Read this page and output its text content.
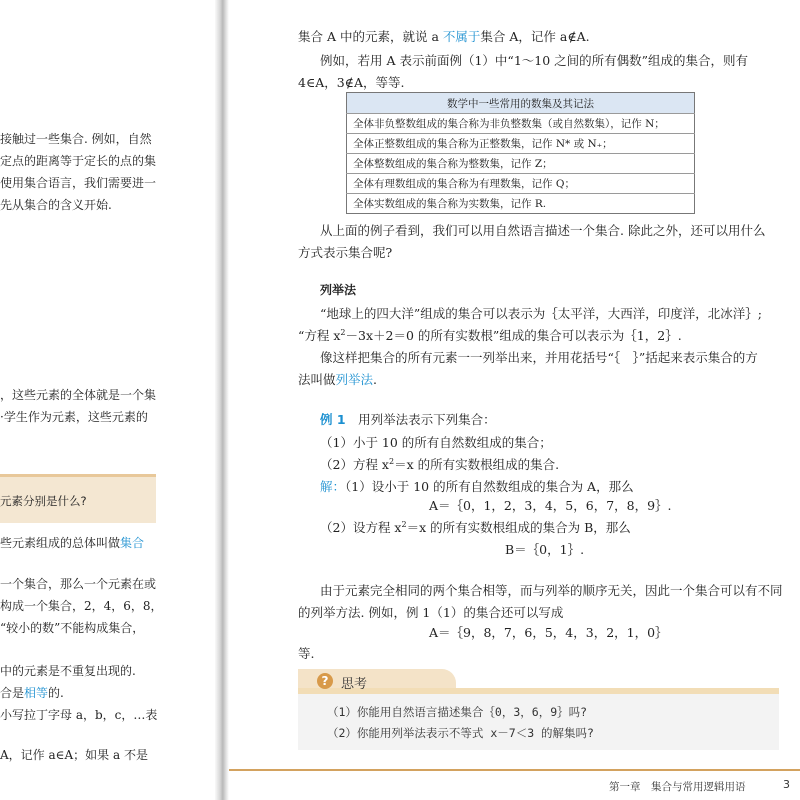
接触过一些集合. 例如，自然
定点的距离等于定长的点的集
使用集合语言，我们需要进一
先从集合的含义开始.
，这些元素的全体就是一个集
·学生作为元素，这些元素的
元素分别是什么?
些元素组成的总体叫做集合
一个集合，那么一个元素在或
构成一个集合，2，4，6，8，
“较小的数”不能构成集合，
中的元素是不重复出现的.
合是相等的.
小写拉丁字母 a，b，c，…表
A，记作 a∈A；如果 a 不是
集合 A 中的元素，就说 a 不属于集合 A，记作 a∉A.
例如，若用 A 表示前面例（1）中“1～10 之间的所有偶数”组成的集合，则有
4∈A，3∉A，等等.
数学中一些常用的数集及其记法
全体非负整数组成的集合称为非负整数集（或自然数集），记作 N；
全体正整数组成的集合称为正整数集，记作 N* 或 N₊；
全体整数组成的集合称为整数集，记作 Z；
全体有理数组成的集合称为有理数集，记作 Q；
全体实数组成的集合称为实数集，记作 R.
从上面的例子看到，我们可以用自然语言描述一个集合. 除此之外，还可以用什么
方式表示集合呢?
列举法
“地球上的四大洋”组成的集合可以表示为｛太平洋，大西洋，印度洋，北冰洋｝;
“方程 $x^2-3x+2=0$ 的所有实数根”组成的集合可以表示为｛1，2｝.
像这样把集合的所有元素一一列举出来，并用花括号“｛　｝”括起来表示集合的方
法叫做列举法.
例 1　 用列举法表示下列集合：
（1）小于 10 的所有自然数组成的集合；
（2）方程 $x^2=x$ 的所有实数根组成的集合.
解：（1）设小于 10 的所有自然数组成的集合为 A，那么
A＝｛0，1，2，3，4，5，6，7，8，9｝.
（2）设方程 $x^2=x$ 的所有实数根组成的集合为 B，那么
B＝｛0，1｝.
由于元素完全相同的两个集合相等，而与列举的顺序无关，因此一个集合可以有不同
的列举方法. 例如，例 1（1）的集合还可以写成
A＝｛9，8，7，6，5，4，3，2，1，0｝
等.
? 思考
（1）你能用自然语言描述集合｛0，3，6，9｝吗?
（2）你能用列举法表示不等式 x－7＜3 的解集吗?
第一章　集合与常用逻辑用语	3
